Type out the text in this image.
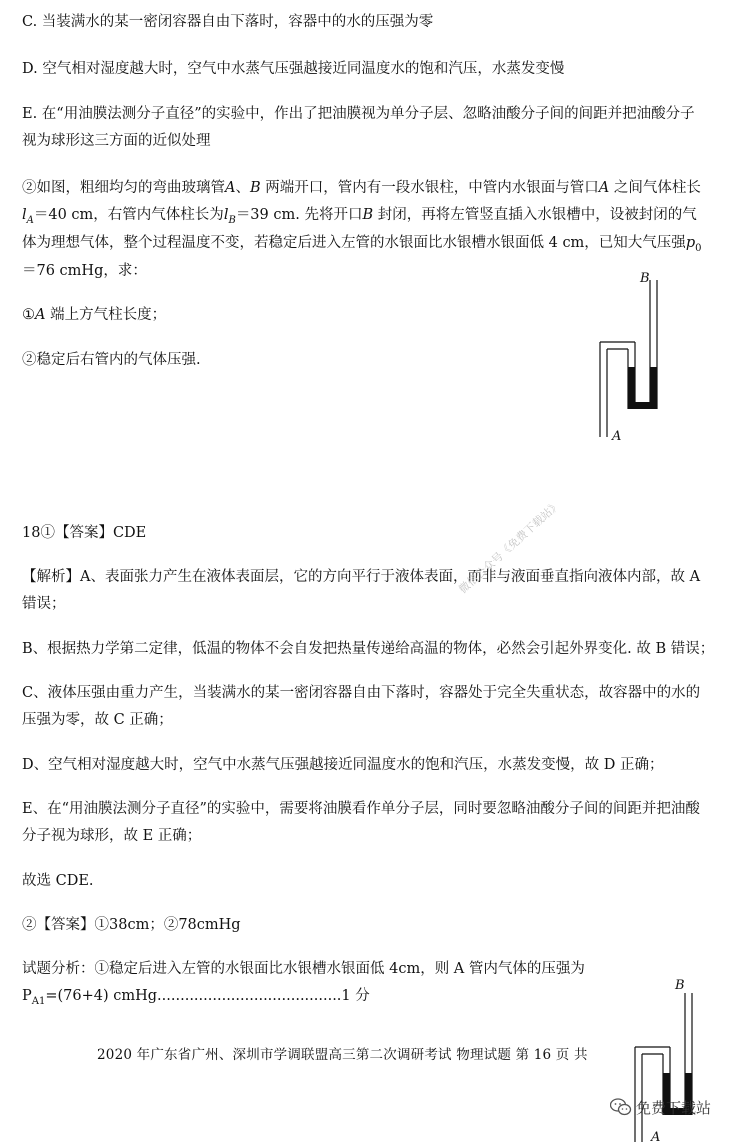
C. 当装满水的某一密闭容器自由下落时，容器中的水的压强为零
D. 空气相对湿度越大时，空气中水蒸气压强越接近同温度水的饱和汽压，水蒸发变慢
E. 在“用油膜法测分子直径”的实验中，作出了把油膜视为单分子层、忽略油酸分子间的间距并把油酸分子
视为球形这三方面的近似处理
②如图，粗细均匀的弯曲玻璃管A、B 两端开口，管内有一段水银柱，中管内水银面与管口A 之间气体柱长
$l_A=40$ cm，右管内气体柱长为$l_B=39$ cm. 先将开口B 封闭，再将左管竖直插入水银槽中，设被封闭的气
体为理想气体，整个过程温度不变，若稳定后进入左管的水银面比水银槽水银面低 4 cm，已知大气压强$p_0$
＝76 cmHg，求：
①A 端上方气柱长度；
②稳定后右管内的气体压强.
B
A
18①【答案】CDE
【解析】A、表面张力产生在液体表面层，它的方向平行于液体表面，而非与液面垂直指向液体内部，故 A
错误；
B、根据热力学第二定律，低温的物体不会自发把热量传递给高温的物体，必然会引起外界变化. 故 B 错误；
C、液体压强由重力产生，当装满水的某一密闭容器自由下落时，容器处于完全失重状态，故容器中的水的
压强为零，故 C 正确；
D、空气相对湿度越大时，空气中水蒸气压强越接近同温度水的饱和汽压，水蒸发变慢，故 D 正确；
E、在“用油膜法测分子直径”的实验中，需要将油膜看作单分子层，同时要忽略油酸分子间的间距并把油酸
分子视为球形，故 E 正确；
故选 CDE.
②【答案】①38cm；②78cmHg
试题分析：①稳定后进入左管的水银面比水银槽水银面低 4cm，则 A 管内气体的压强为
$P_{A1}=(76+4)$ cmHg........................................1 分
微信公众号《免费下载站》
2020 年广东省广州、深圳市学调联盟高三第二次调研考试 物理试题 第 16 页 共
B
A
免费下载站
